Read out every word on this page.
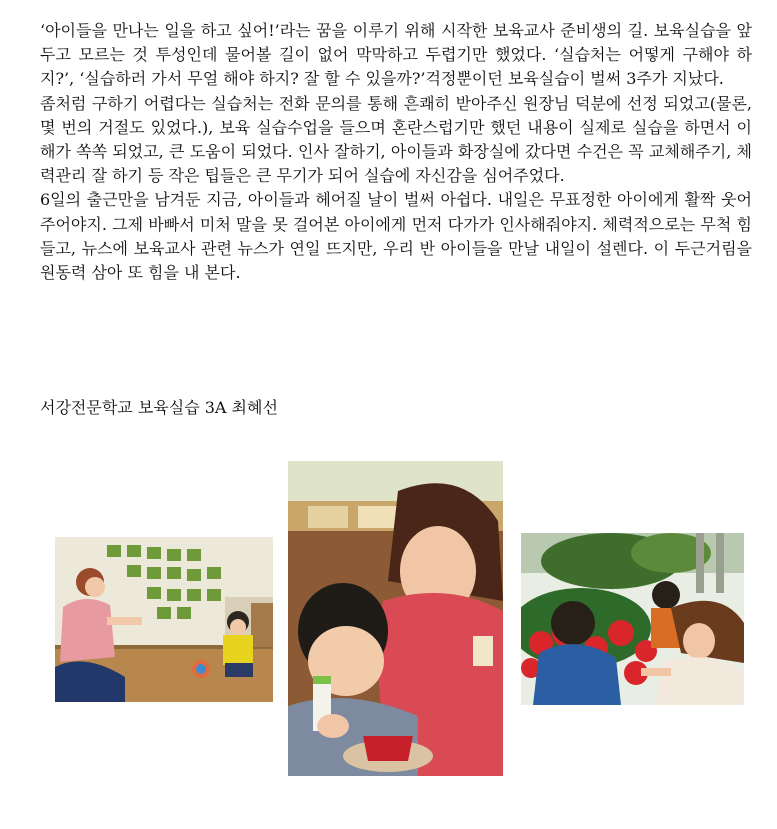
‘아이들을 만나는 일을 하고 싶어!’라는 꿈을 이루기 위해 시작한 보육교사 준비생의 길. 보육실습을 앞두고 모르는 것 투성인데 물어볼 길이 없어 막막하고 두렵기만 했었다. ‘실습처는 어떻게 구해야 하지?’, ‘실습하러 가서 무얼 해야 하지? 잘 할 수 있을까?’걱정뿐이던 보육실습이 벌써 3주가 지났다.

좀처럼 구하기 어렵다는 실습처는 전화 문의를 통해 흔쾌히 받아주신 원장님 덕분에 선정 되었고(물론, 몇 번의 거절도 있었다.), 보육 실습수업을 들으며 혼란스럽기만 했던 내용이 실제로 실습을 하면서 이해가 쏙쏙 되었고, 큰 도움이 되었다. 인사 잘하기, 아이들과 화장실에 갔다면 수건은 꼭 교체해주기, 체력관리 잘 하기 등 작은 팁들은 큰 무기가 되어 실습에 자신감을 심어주었다.

6일의 출근만을 남겨둔 지금, 아이들과 헤어질 날이 벌써 아쉽다. 내일은 무표정한 아이에게 활짝 웃어주어야지. 그제 바빠서 미처 말을 못 걸어본 아이에게 먼저 다가가 인사해줘야지. 체력적으로는 무척 힘들고, 뉴스에 보육교사 관련 뉴스가 연일 뜨지만, 우리 반 아이들을 만날 내일이 설렌다. 이 두근거림을 원동력 삼아 또 힘을 내 본다.

서강전문학교 보육실습 3A 최혜선
